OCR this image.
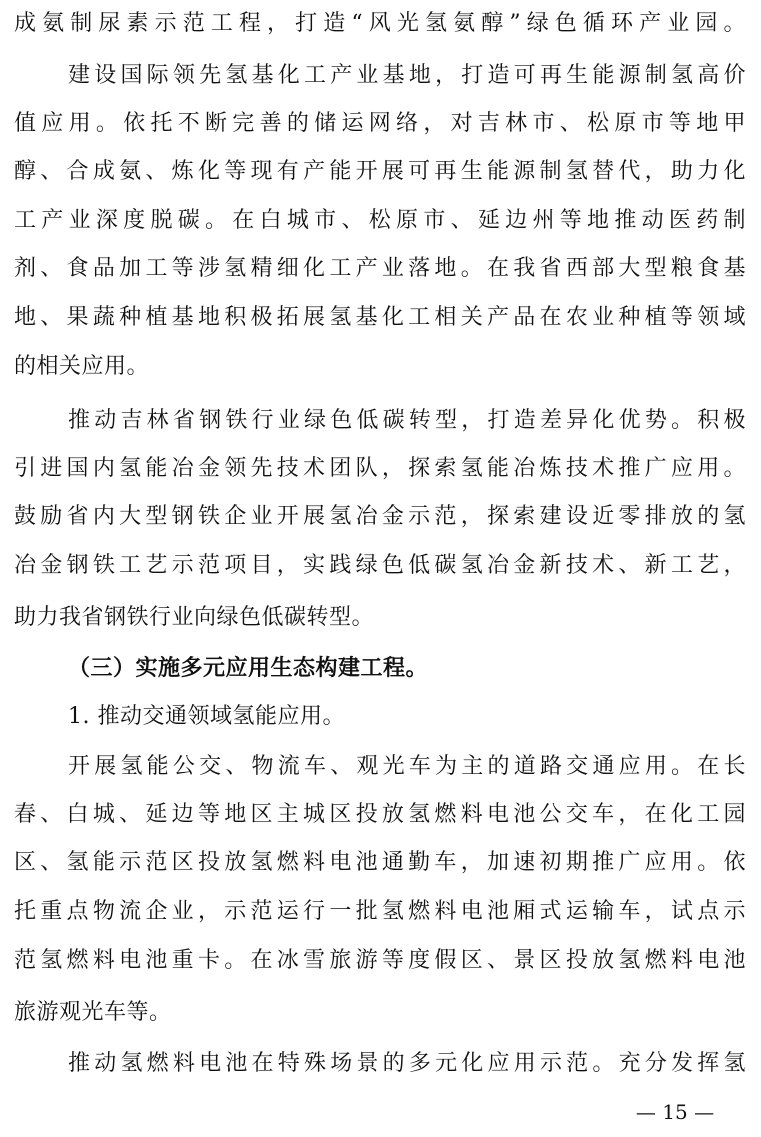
成氨制尿素示范工程，打造“风光氢氨醇”绿色循环产业园。
建设国际领先氢基化工产业基地，打造可再生能源制氢高价
值应用。依托不断完善的储运网络，对吉林市、松原市等地甲
醇、合成氨、炼化等现有产能开展可再生能源制氢替代，助力化
工产业深度脱碳。在白城市、松原市、延边州等地推动医药制
剂、食品加工等涉氢精细化工产业落地。在我省西部大型粮食基
地、果蔬种植基地积极拓展氢基化工相关产品在农业种植等领域
的相关应用。
推动吉林省钢铁行业绿色低碳转型，打造差异化优势。积极
引进国内氢能冶金领先技术团队，探索氢能冶炼技术推广应用。
鼓励省内大型钢铁企业开展氢冶金示范，探索建设近零排放的氢
冶金钢铁工艺示范项目，实践绿色低碳氢冶金新技术、新工艺，
助力我省钢铁行业向绿色低碳转型。
（三）实施多元应用生态构建工程。
1. 推动交通领域氢能应用。
开展氢能公交、物流车、观光车为主的道路交通应用。在长
春、白城、延边等地区主城区投放氢燃料电池公交车，在化工园
区、氢能示范区投放氢燃料电池通勤车，加速初期推广应用。依
托重点物流企业，示范运行一批氢燃料电池厢式运输车，试点示
范氢燃料电池重卡。在冰雪旅游等度假区、景区投放氢燃料电池
旅游观光车等。
推动氢燃料电池在特殊场景的多元化应用示范。充分发挥氢
— 15 —
